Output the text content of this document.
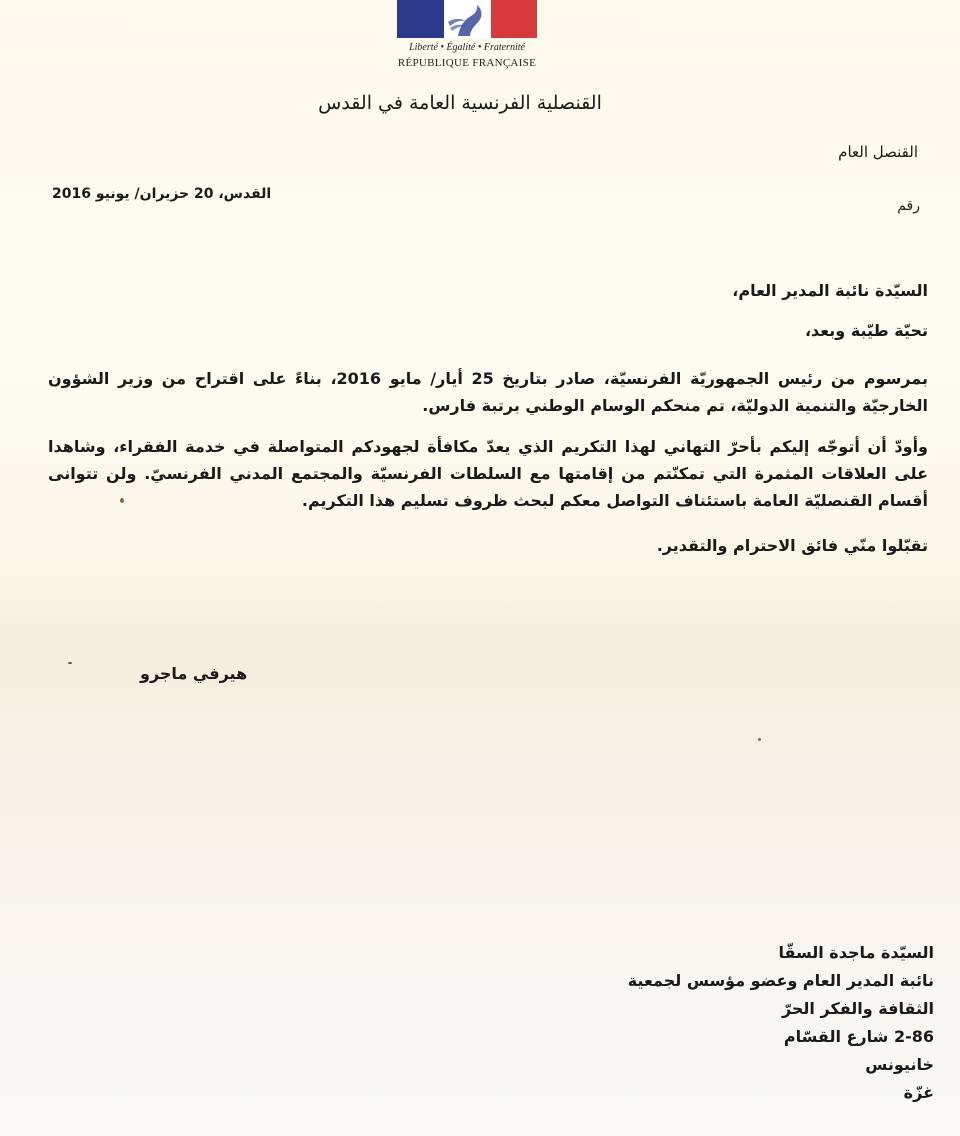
Liberté • Égalité • Fraternité
RÉPUBLIQUE FRANÇAISE
القنصلية الفرنسية العامة في القدس
القنصل العام
القدس، 20 حزيران/ يونيو 2016
رقم
السيّدة نائبة المدير العام،
تحيّة طيّبة وبعد،
بمرسوم من رئيس الجمهوريّة الفرنسيّة، صادر بتاريخ 25 أيار/ مايو 2016، بناءً على اقتراح من وزير الشؤون الخارجيّة والتنمية الدوليّة، تم منحكم الوسام الوطني برتبة فارس.
وأودّ أن أتوجّه إليكم بأحرّ التهاني لهذا التكريم الذي يعدّ مكافأة لجهودكم المتواصلة في خدمة الفقراء، وشاهدا على العلاقات المثمرة التي تمكنّتم من إقامتها مع السلطات الفرنسيّة والمجتمع المدني الفرنسيّ. ولن تتوانى أقسام القنصليّة العامة باستئناف التواصل معكم لبحث ظروف تسليم هذا التكريم.
تقبّلوا منّي فائق الاحترام والتقدير.
هيرفي ماجرو
السيّدة ماجدة السقّا
نائبة المدير العام وعضو مؤسس لجمعية
الثقافة والفكر الحرّ
2-86 شارع القسّام
خانيونس
غزّة
